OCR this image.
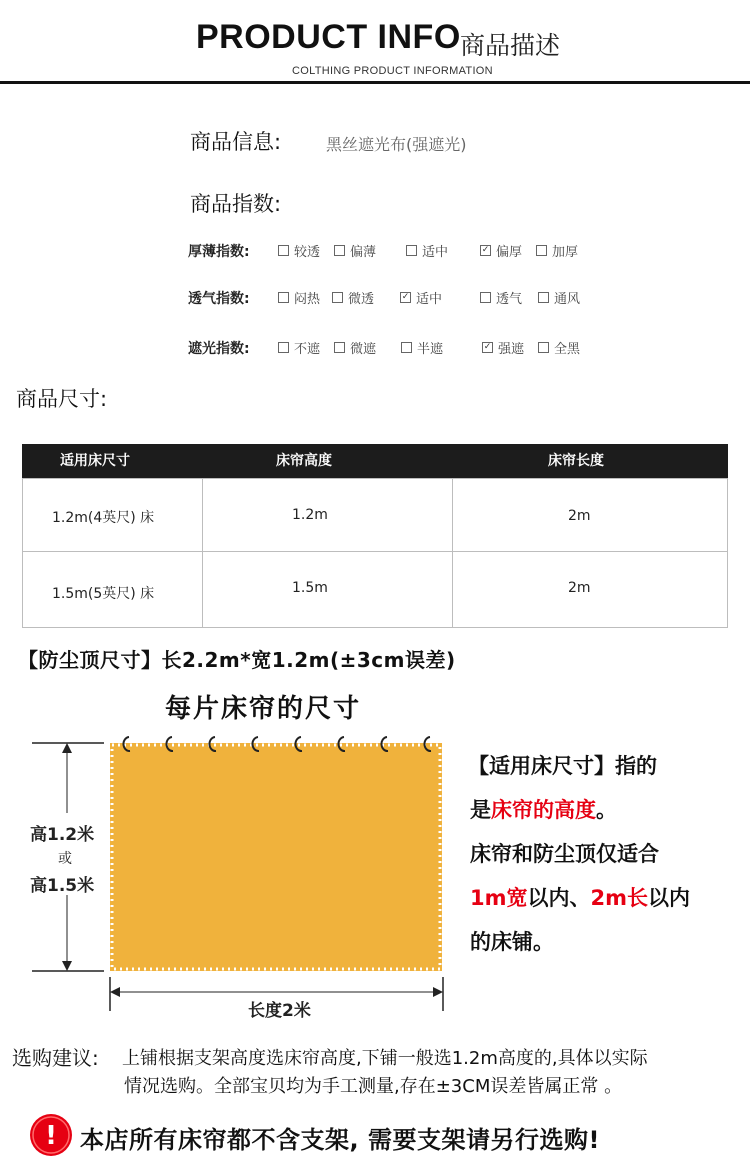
PRODUCT INFO 商品描述
COLTHING PRODUCT INFORMATION
商品信息:	黑丝遮光布(强遮光)
商品指数:
厚薄指数:	较透 偏薄	适中	✓ 偏厚 加厚
透气指数:	闷热 微透	✓ 适中	透气 通风
遮光指数:	不遮 微遮	半遮	✓ 强遮 全黑
商品尺寸:
适用床尺寸	床帘高度	床帘长度
1.2m(4英尺) 床	1.2m	2m
1.5m(5英尺) 床	1.5m	2m
【防尘顶尺寸】长2.2m*宽1.2m(±3cm误差)
每片床帘的尺寸
高1.2米
或
高1.5米
长度2米
【适用床尺寸】指的
是床帘的高度。
床帘和防尘顶仅适合
1m宽以内、2m长以内
的床铺。
选购建议: 上铺根据支架高度选床帘高度,下铺一般选1.2m高度的,具体以实际
情况选购。全部宝贝均为手工测量,存在±3CM误差皆属正常 。
! 本店所有床帘都不含支架, 需要支架请另行选购!
